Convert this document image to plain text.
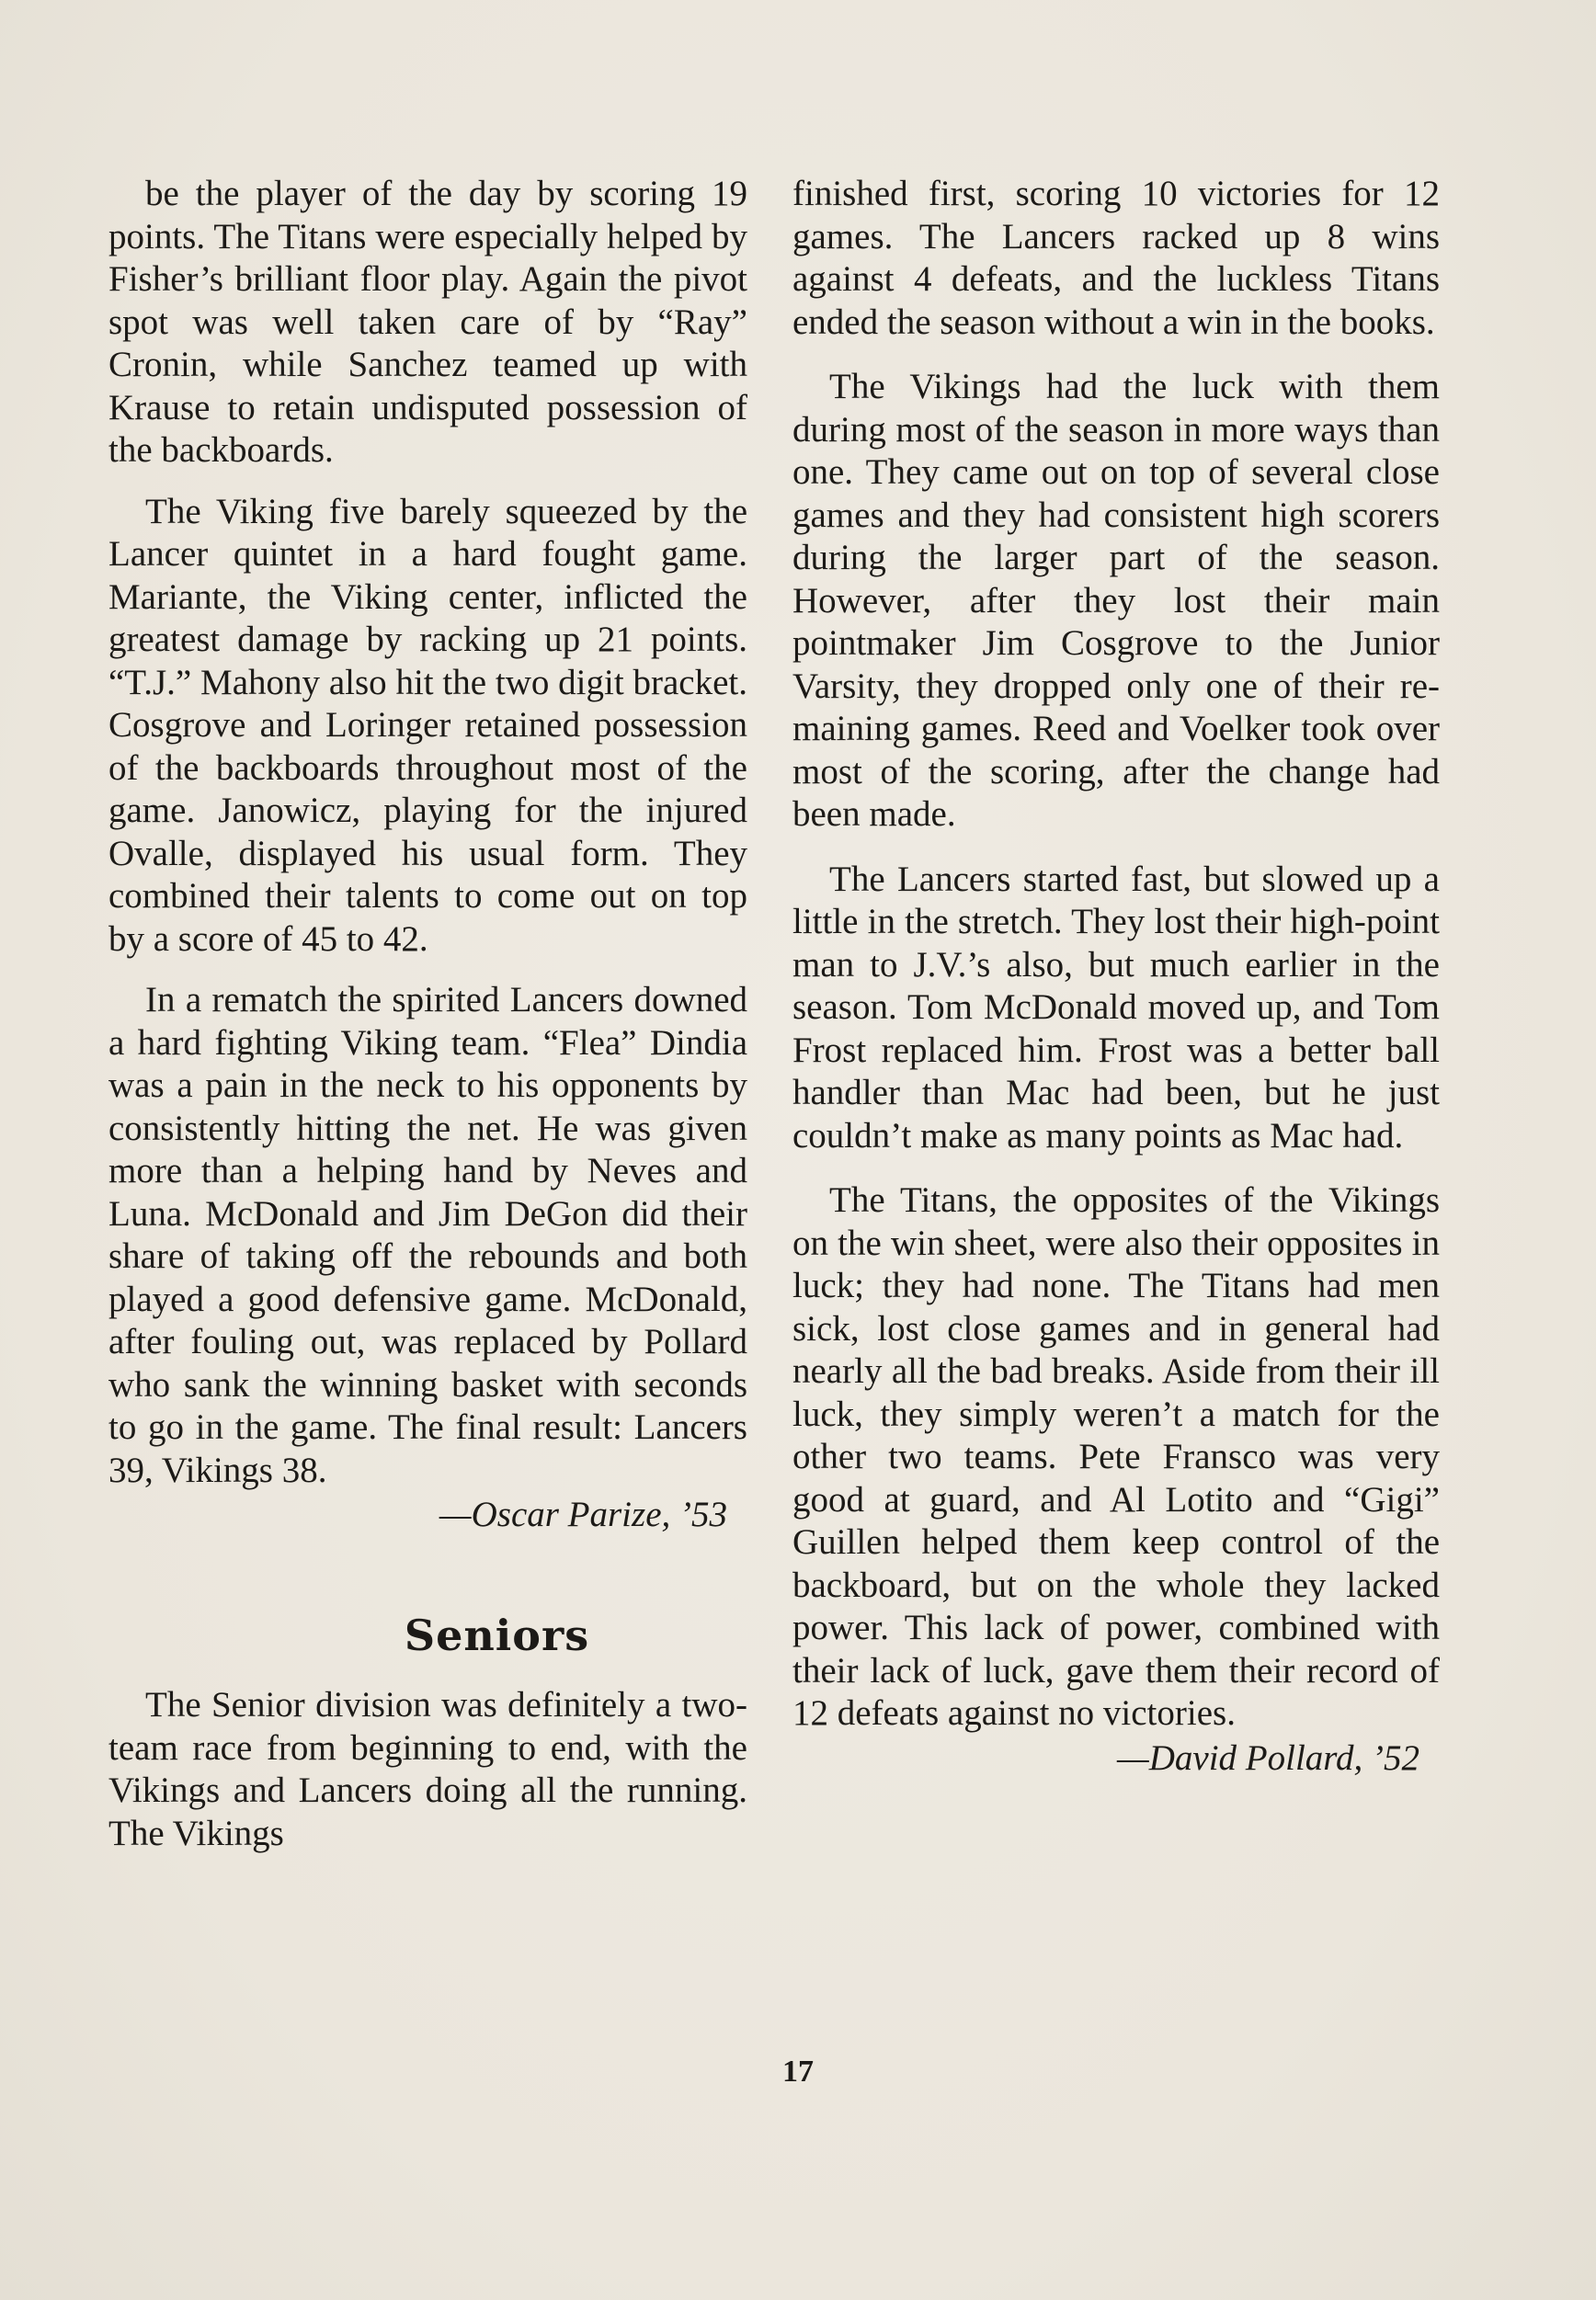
be the player of the day by scoring 19 points. The Titans were especially helped by Fisher’s brilliant floor play. Again the pivot spot was well taken care of by “Ray” Cronin, while Sanchez teamed up with Krause to retain undisputed possession of the backboards.

The Viking five barely squeezed by the Lancer quintet in a hard fought game. Mariante, the Viking center, inflicted the greatest damage by racking up 21 points. “T.J.” Mahony also hit the two digit bracket. Cosgrove and Loringer retained possession of the backboards throughout most of the game. Janowicz, playing for the injured Ovalle, displayed his usual form. They combined their talents to come out on top by a score of 45 to 42.

In a rematch the spirited Lancers downed a hard fighting Viking team. “Flea” Dindia was a pain in the neck to his opponents by consistently hitting the net. He was given more than a helping hand by Neves and Luna. McDonald and Jim DeGon did their share of taking off the rebounds and both played a good defensive game. McDonald, after fouling out, was replaced by Pollard who sank the winning basket with seconds to go in the game. The final result: Lancers 39, Vikings 38.

—Oscar Parize, ’53
Seniors

The Senior division was definitely a two-team race from beginning to end, with the Vikings and Lancers doing all the running. The Vikings

finished first, scoring 10 victories for 12 games. The Lancers racked up 8 wins against 4 defeats, and the luckless Titans ended the season without a win in the books.

The Vikings had the luck with them during most of the season in more ways than one. They came out on top of several close games and they had consistent high scorers during the larger part of the season. However, after they lost their main pointmaker Jim Cosgrove to the Junior Varsity, they dropped only one of their remaining games. Reed and Voelker took over most of the scoring, after the change had been made.

The Lancers started fast, but slowed up a little in the stretch. They lost their high-point man to J.V.’s also, but much earlier in the season. Tom McDonald moved up, and Tom Frost replaced him. Frost was a better ball handler than Mac had been, but he just couldn’t make as many points as Mac had.

The Titans, the opposites of the Vikings on the win sheet, were also their opposites in luck; they had none. The Titans had men sick, lost close games and in general had nearly all the bad breaks. Aside from their ill luck, they simply weren’t a match for the other two teams. Pete Fransco was very good at guard, and Al Lotito and “Gigi” Guillen helped them keep control of the backboard, but on the whole they lacked power. This lack of power, combined with their lack of luck, gave them their record of 12 defeats against no victories.

—David Pollard, ’52
17
